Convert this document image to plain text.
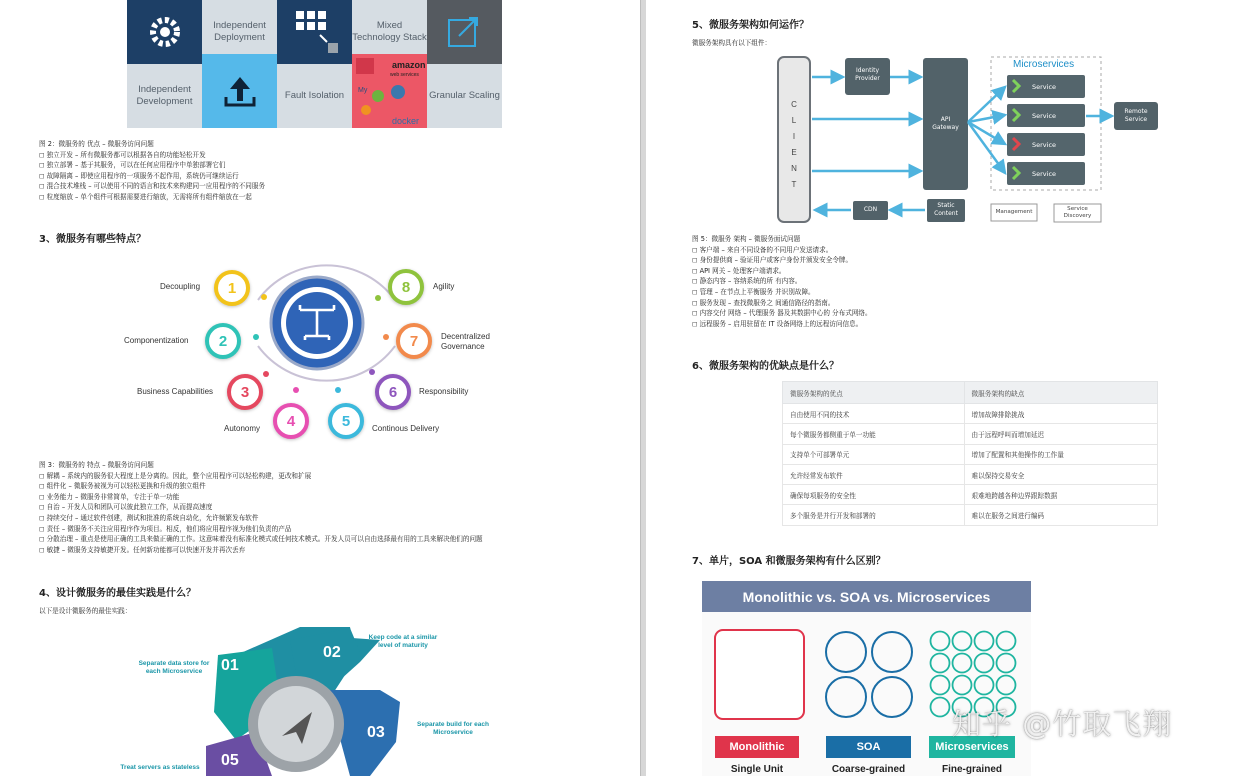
Independent Deployment
Mixed Technology Stack
Independent Development
Fault Isolation
amazon
web services
My
docker
Granular Scaling
图 2：微服务的 优点 – 微服务访问问题
◻ 独立开发 – 所有微服务都可以根据各自的功能轻松开发
◻ 独立部署 – 基于其服务，可以在任何应用程序中单独部署它们
◻ 故障隔离 – 即使应用程序的一项服务不起作用，系统仍可继续运行
◻ 混合技术堆栈 – 可以使用不同的语言和技术来构建同一应用程序的不同服务
◻ 粒度缩放 – 单个组件可根据需要进行缩放，无需将所有组件缩放在一起
3、微服务有哪些特点？
1
2
3
4	5
6
7
8
Decoupling
Componentization
Business Capabilities
Autonomy	Continous Delivery
Responsibility
Decentralized
Governance
Agility
图 3：微服务的 特点 – 微服务访问问题
◻ 解耦 – 系统内的服务很大程度上是分离的。因此，整个应用程序可以轻松构建，更改和扩展
◻ 组件化 – 微服务被视为可以轻松更换和升级的独立组件
◻ 业务能力 – 微服务非常简单，专注于单一功能
◻ 自治 – 开发人员和团队可以彼此独立工作，从而提高速度
◻ 持续交付 – 通过软件创建，测试和批准的系统自动化，允许频繁发布软件
◻ 责任 – 微服务不关注应用程序作为项目。相反，他们将应用程序视为他们负责的产品
◻ 分散治理 – 重点是使用正确的工具来做正确的工作。这意味着没有标准化模式或任何技术模式。开发人员可以自由选择最有用的工具来解决他们的问题
◻ 敏捷 – 微服务支持敏捷开发。任何新功能都可以快速开发并再次丢弃
4、设计微服务的最佳实践是什么？
以下是设计微服务的最佳实践：
01
02
03
05
Separate data store for
each Microservice
Keep code at a similar
level of maturity
Separate build for each
Microservice
Treat servers as stateless
5、微服务架构如何运作？
微服务架构具有以下组件：
C
L
I
E
N
T
Identity
Provider
API
Gateway
Microservices
Service
Service
Service
Service
Remote
Service
CDN
Static
Content	Management	Service
Discovery
图 5：微服务 架构 – 微服务面试问题
◻ 客户端 – 来自不同设备的不同用户发送请求。
◻ 身份提供商 – 验证用户或客户身份并颁发安全令牌。
◻ API 网关 – 处理客户端请求。
◻ 静态内容 – 容纳系统的所 有内容。
◻ 管理 – 在节点上平衡服务 并识别故障。
◻ 服务发现 – 查找微服务之 间通信路径的指南。
◻ 内容交付 网络 – 代理服务 器及其数据中心的 分布式网络。
◻ 远程服务 – 启用驻留在 IT 设备网络上的远程访问信息。
6、微服务架构的优缺点是什么？
微服务架构的优点	微服务架构的缺点
自由使用不同的技术	增加故障排除挑战
每个微服务都侧重于单一功能	由于远程呼叫而增加延迟
支持单个可部署单元	增加了配置和其他操作的工作量
允许经常发布软件	难以保持交易安全
确保每项服务的安全性	艰难地跨越各种边界跟踪数据
多个服务是并行开发和部署的	难以在服务之间进行编码
7、单片，SOA 和微服务架构有什么区别？
Monolithic vs. SOA vs. Microservices
Monolithic	SOA	Microservices
Single Unit	Coarse-grained	Fine-grained
知乎 @竹取飞翔
